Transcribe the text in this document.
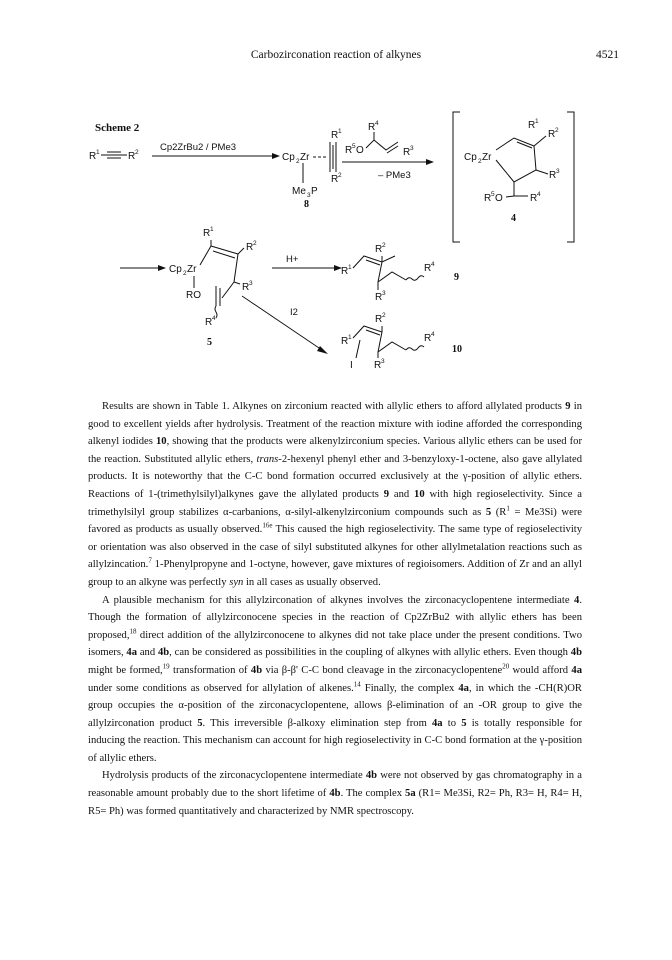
Carbozirconation reaction of alkynes	4521
Scheme 2
R 1	R 2 Cp2ZrBu2 / PMe3
Cp 2 Zr
R 1
R 2
Me 3 P
8
R 4
R 5 O	R 3
– PMe3
R 1
R 2
Cp 2 Zr
R 3
R 5 O	R 4
4
R 1
R 2
Cp 2 Zr
R 3
RO
R 4
5
H+
I2
R 2
R 1
R 3
R 4
9
R 2
R 1
I R 3
R 4
10

Results are shown in Table 1. Alkynes on zirconium reacted with allylic ethers to afford allylated products 9 in good to excellent yields after hydrolysis. Treatment of the reaction mixture with iodine afforded the corresponding alkenyl iodides 10, showing that the products were alkenylzirconium species. Various allylic ethers can be used for the reaction. Substituted allylic ethers, trans-2-hexenyl phenyl ether and 3-benzyloxy-1-octene, also gave allylated products. It is noteworthy that the C-C bond formation occurred exclusively at the γ-position of allylic ethers. Reactions of 1-(trimethylsilyl)alkynes gave the allylated products 9 and 10 with high regioselectivity. Since a trimethylsilyl group stabilizes α-carbanions, α-silyl-alkenylzirconium compounds such as 5 $(R^1 = Me3Si)$ were favored as products as usually observed.$^{16e}$ This caused the high regioselectivity. The same type of regioselectivity or orientation was also observed in the case of silyl substituted alkynes for other allylmetalation reactions such as allylzincation.$^7$ 1-Phenylpropyne and 1-octyne, however, gave mixtures of regioisomers. Addition of Zr and an allyl group to an alkyne was perfectly syn in all cases as usually observed.

A plausible mechanism for this allylzirconation of alkynes involves the zirconacyclopentene intermediate 4. Though the formation of allylzirconocene species in the reaction of Cp2ZrBu2 with allylic ethers has been proposed,$^{18}$ direct addition of the allylzirconocene to alkynes did not take place under the present conditions. Two isomers, 4a and 4b, can be considered as possibilities in the coupling of alkynes with allylic ethers. Even though 4b might be formed,$^{19}$ transformation of 4b via β-β' C-C bond cleavage in the zirconacyclopentene$^{20}$ would afford 4a under some conditions as observed for allylation of alkenes.$^{14}$ Finally, the complex 4a, in which the -CH(R)OR group occupies the α-position of the zirconacyclopentene, allows β-elimination of an -OR group to give the allylzirconation product 5. This irreversible β-alkoxy elimination step from 4a to 5 is totally responsible for inducing the reaction. This mechanism can account for high regioselectivity in C-C bond formation at the γ-position of allylic ethers.

Hydrolysis products of the zirconacyclopentene intermediate 4b were not observed by gas chromatography in a reasonable amount probably due to the short lifetime of 4b. The complex 5a (R1= Me3Si, R2= Ph, R3= H, R4= H, R5= Ph) was formed quantitatively and characterized by NMR spectroscopy.
